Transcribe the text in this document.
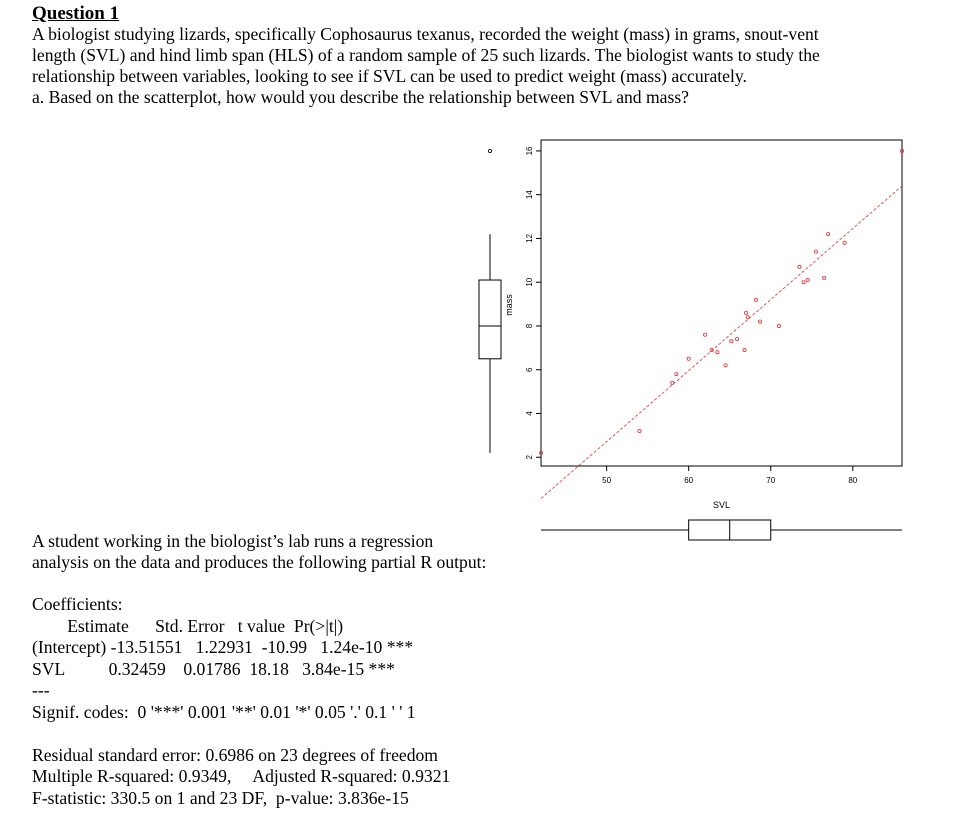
Question 1

A biologist studying lizards, specifically Cophosaurus texanus, recorded the weight (mass) in grams, snout-vent

length (SVL) and hind limb span (HLS) of a random sample of 25 such lizards. The biologist wants to study the

relationship between variables, looking to see if SVL can be used to predict weight (mass) accurately.

a. Based on the scatterplot, how would you describe the relationship between SVL and mass?

2
4
6
8
10
12
14
16
50	60	70	80
SVL
mass
A student working in the biologist’s lab runs a regression
analysis on the data and produces the following partial R output:
Coefficients:
Estimate      Std. Error   t value  Pr(>|t|)
(Intercept) -13.51551   1.22931  -10.99   1.24e-10 ***
SVL          0.32459    0.01786  18.18   3.84e-15 ***
---
Signif. codes:  0 '***' 0.001 '**' 0.01 '*' 0.05 '.' 0.1 ' ' 1
Residual standard error: 0.6986 on 23 degrees of freedom
Multiple R-squared: 0.9349,     Adjusted R-squared: 0.9321
F-statistic: 330.5 on 1 and 23 DF,  p-value: 3.836e-15
